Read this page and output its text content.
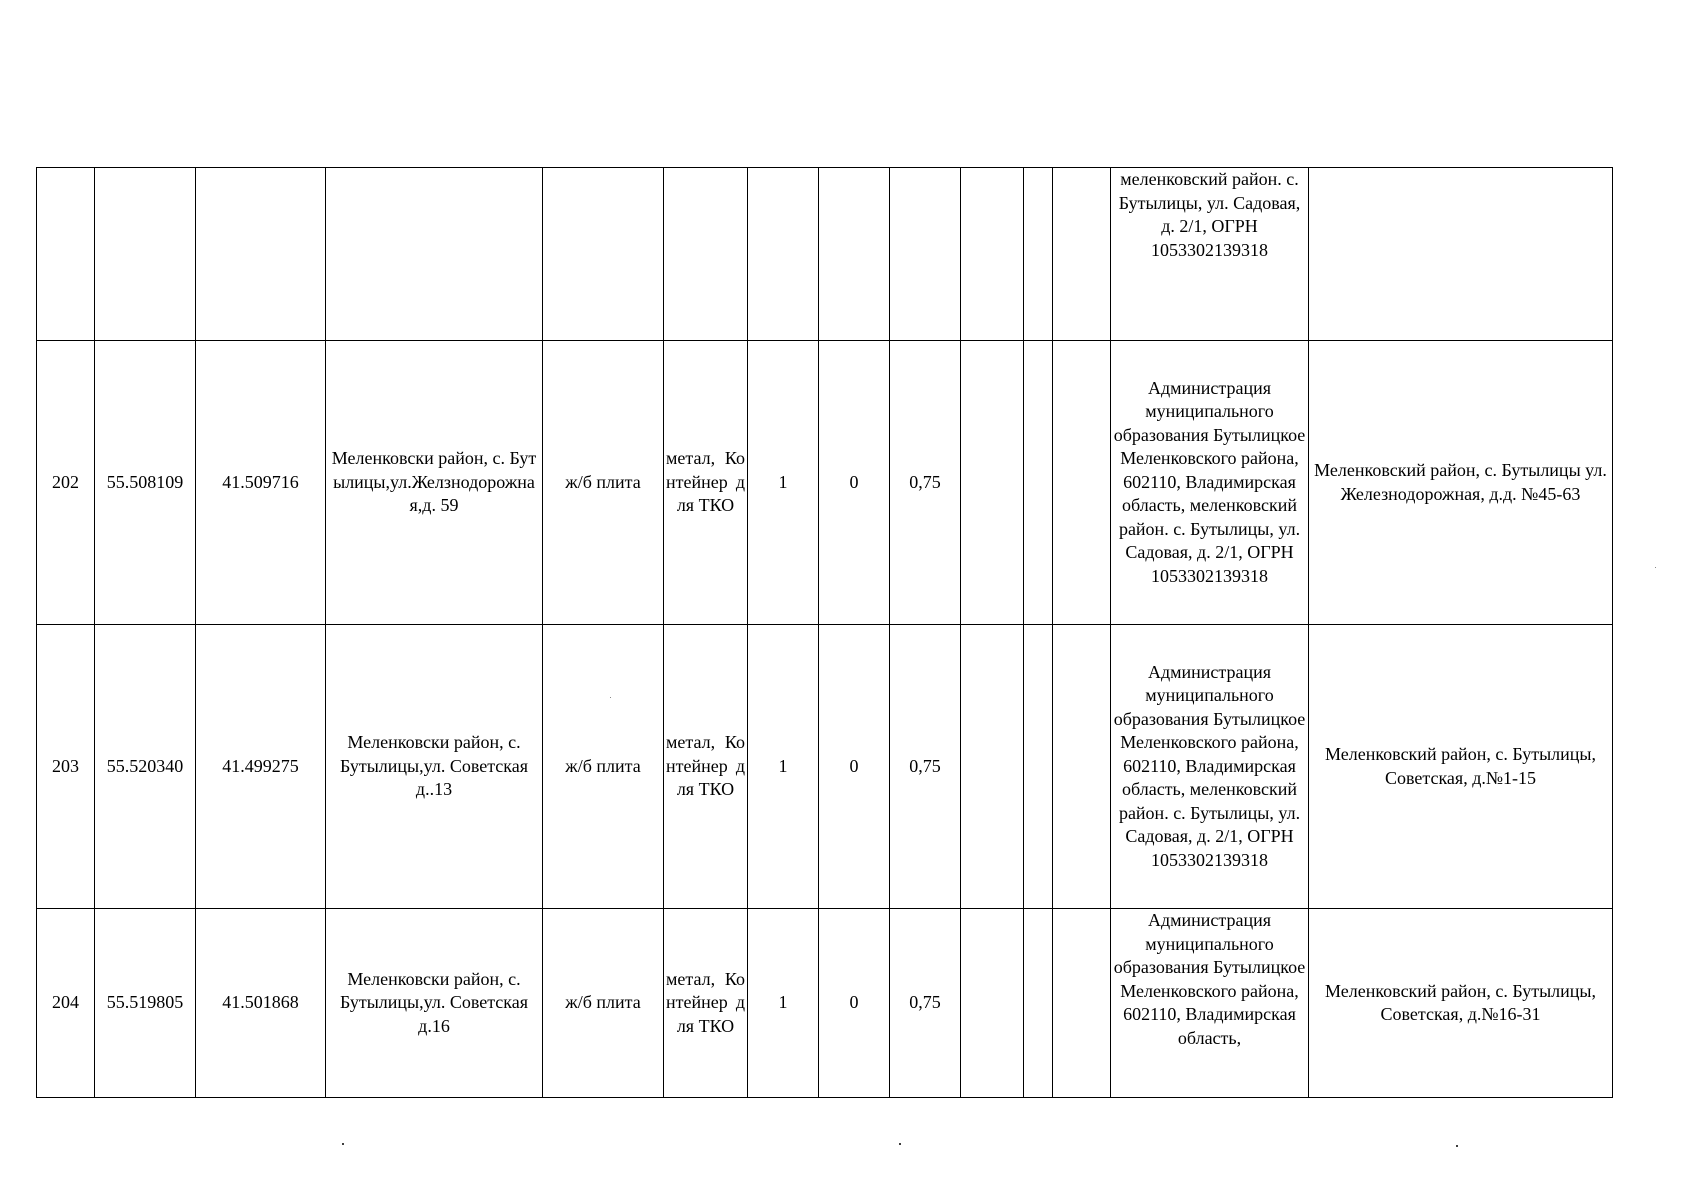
												меленковский район. с. Бутылицы, ул. Садовая, д. 2/1, ОГРН 1053302139318	
202	55.508109	41.509716	Меленковски район, с. Бутылицы,ул.Желзнодорожная,д. 59	ж/б плита	метал, Контейнер для ТКО	1	0	0,75				Администрация муниципального образования Бутылицкое Меленковского района, 602110, Владимирская область, меленковский район. с. Бутылицы, ул. Садовая, д. 2/1, ОГРН 1053302139318	Меленковский район, с. Бутылицы ул. Железнодорожная, д.д. №45-63
203	55.520340	41.499275	Меленковски район, с. Бутылицы,ул. Советская д..13	ж/б плита	метал, Контейнер для ТКО	1	0	0,75				Администрация муниципального образования Бутылицкое Меленковского района, 602110, Владимирская область, меленковский район. с. Бутылицы, ул. Садовая, д. 2/1, ОГРН 1053302139318	Меленковский район, с. Бутылицы, Советская, д.№1-15
204	55.519805	41.501868	Меленковски район, с. Бутылицы,ул. Советская д.16	ж/б плита	метал, Контейнер для ТКО	1	0	0,75				Администрация муниципального образования Бутылицкое Меленковского района, 602110, Владимирская область,	Меленковский район, с. Бутылицы, Советская, д.№16-31
